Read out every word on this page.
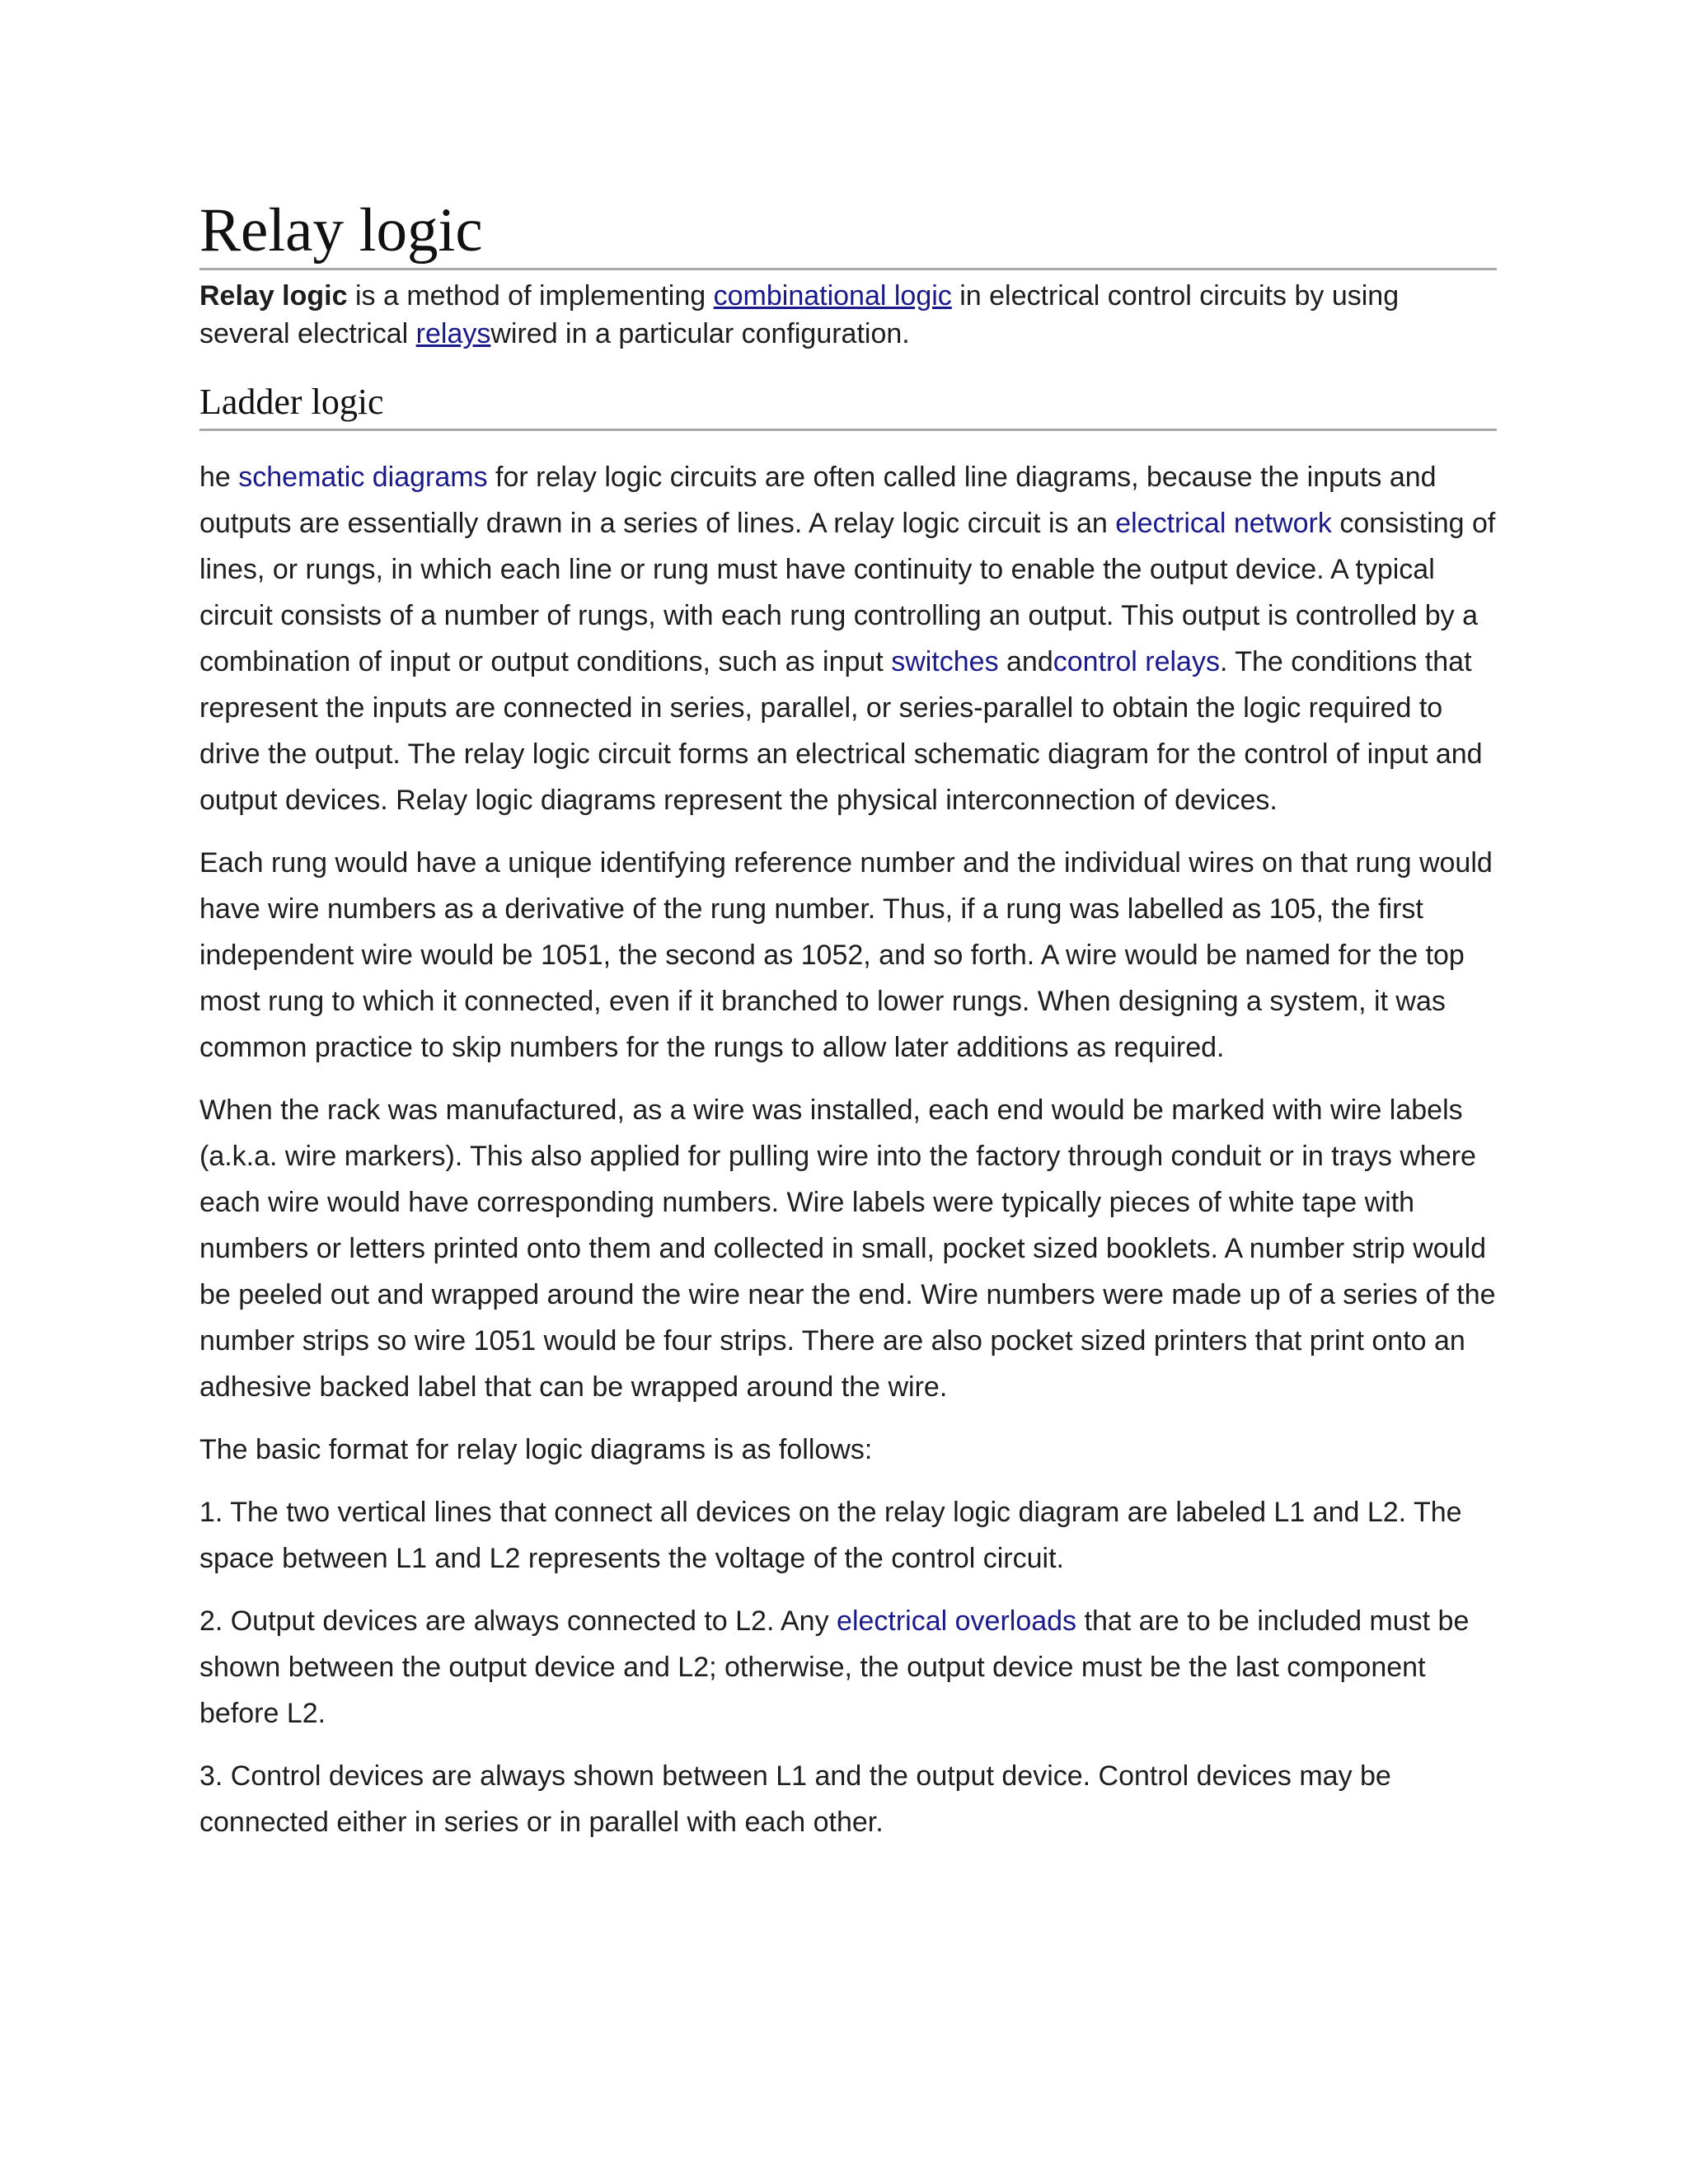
Relay logic

Relay logic is a method of implementing combinational logic in electrical control circuits by using several electrical relayswired in a particular configuration.

Ladder logic

he schematic diagrams for relay logic circuits are often called line diagrams, because the inputs and outputs are essentially drawn in a series of lines. A relay logic circuit is an electrical network consisting of lines, or rungs, in which each line or rung must have continuity to enable the output device. A typical circuit consists of a number of rungs, with each rung controlling an output. This output is controlled by a combination of input or output conditions, such as input switches andcontrol relays. The conditions that represent the inputs are connected in series, parallel, or series-parallel to obtain the logic required to drive the output. The relay logic circuit forms an electrical schematic diagram for the control of input and output devices. Relay logic diagrams represent the physical interconnection of devices.

Each rung would have a unique identifying reference number and the individual wires on that rung would have wire numbers as a derivative of the rung number. Thus, if a rung was labelled as 105, the first independent wire would be 1051, the second as 1052, and so forth. A wire would be named for the top most rung to which it connected, even if it branched to lower rungs. When designing a system, it was common practice to skip numbers for the rungs to allow later additions as required.

When the rack was manufactured, as a wire was installed, each end would be marked with wire labels (a.k.a. wire markers). This also applied for pulling wire into the factory through conduit or in trays where each wire would have corresponding numbers. Wire labels were typically pieces of white tape with numbers or letters printed onto them and collected in small, pocket sized booklets. A number strip would be peeled out and wrapped around the wire near the end. Wire numbers were made up of a series of the number strips so wire 1051 would be four strips. There are also pocket sized printers that print onto an adhesive backed label that can be wrapped around the wire.

The basic format for relay logic diagrams is as follows:

1. The two vertical lines that connect all devices on the relay logic diagram are labeled L1 and L2. The space between L1 and L2 represents the voltage of the control circuit.

2. Output devices are always connected to L2. Any electrical overloads that are to be included must be shown between the output device and L2; otherwise, the output device must be the last component before L2.

3. Control devices are always shown between L1 and the output device. Control devices may be connected either in series or in parallel with each other.
